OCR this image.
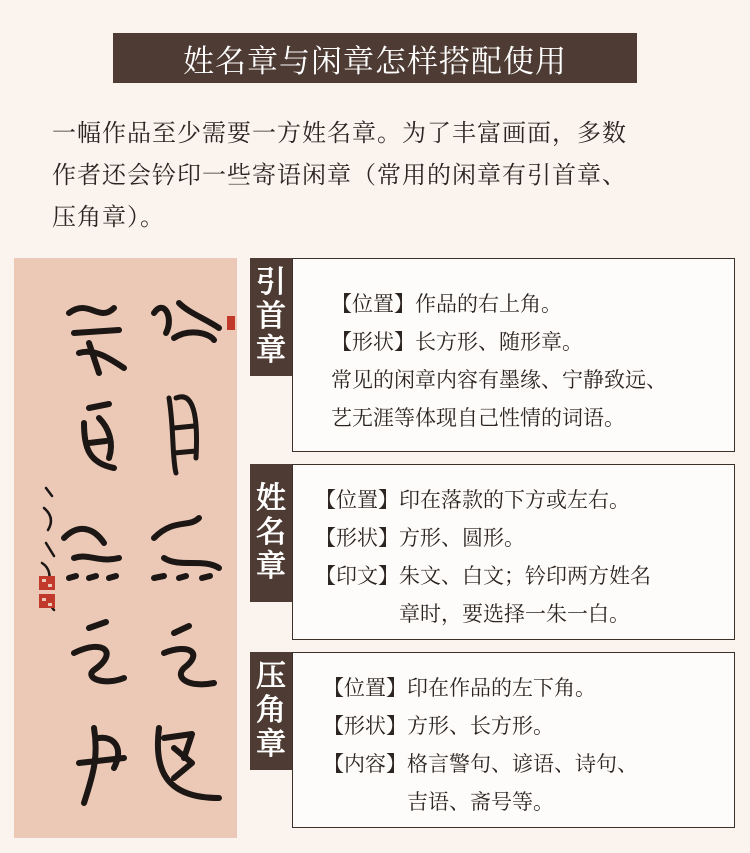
姓名章与闲章怎样搭配使用
一幅作品至少需要一方姓名章。为了丰富画面，多数
作者还会钤印一些寄语闲章（常用的闲章有引首章、
压角章）。
引
首
章
【位置】作品的右上角。
【形状】长方形、随形章。
常见的闲章内容有墨缘、宁静致远、
艺无涯等体现自己性情的词语。
姓
名
章
【位置】印在落款的下方或左右。
【形状】方形、圆形。
【印文】朱文、白文；钤印两方姓名
章时，要选择一朱一白。
压
角
章
【位置】印在作品的左下角。
【形状】方形、长方形。
【内容】格言警句、谚语、诗句、
吉语、斋号等。
